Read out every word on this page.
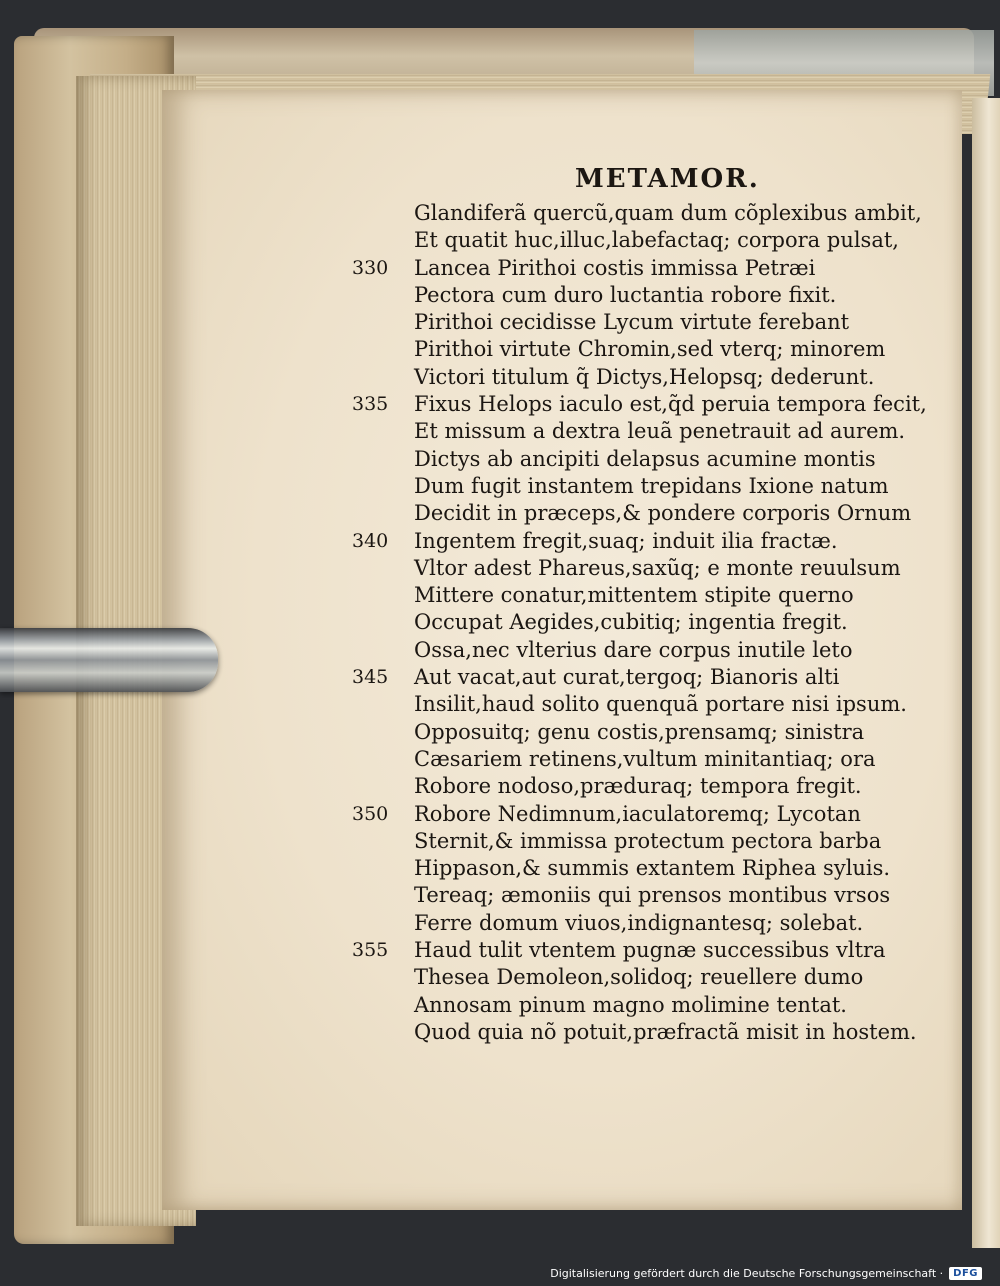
METAMOR.
Glandiferã quercũ,quam dum cõplexibus ambit,
Et quatit huc,illuc,labefactaq; corpora pulsat,
330 Lancea Pirithoi costis immissa Petræi
Pectora cum duro luctantia robore fixit.
Pirithoi cecidisse Lycum virtute ferebant
Pirithoi virtute Chromin,sed vterq; minorem
Victori titulum q̃ Dictys,Helopsq; dederunt.
335 Fixus Helops iaculo est,q̃d peruia tempora fecit,
Et missum a dextra leuã penetrauit ad aurem.
Dictys ab ancipiti delapsus acumine montis
Dum fugit instantem trepidans Ixione natum
Decidit in præceps,& pondere corporis Ornum
340 Ingentem fregit,suaq; induit ilia fractæ.
Vltor adest Phareus,saxũq; e monte reuulsum
Mittere conatur,mittentem stipite querno
Occupat Aegides,cubitiq; ingentia fregit.
Ossa,nec vlterius dare corpus inutile leto
345 Aut vacat,aut curat,tergoq; Bianoris alti
Insilit,haud solito quenquã portare nisi ipsum.
Opposuitq; genu costis,prensamq; sinistra
Cæsariem retinens,vultum minitantiaq; ora
Robore nodoso,præduraq; tempora fregit.
350 Robore Nedimnum,iaculatoremq; Lycotan
Sternit,& immissa protectum pectora barba
Hippason,& summis extantem Riphea syluis.
Tereaq; æmoniis qui prensos montibus vrsos
Ferre domum viuos,indignantesq; solebat.
355 Haud tulit vtentem pugnæ successibus vltra
Thesea Demoleon,solidoq; reuellere dumo
Annosam pinum magno molimine tentat.
Quod quia nõ potuit,præfractã misit in hostem.
Digitalisierung gefördert durch die Deutsche Forschungsgemeinschaft ·	DFG
